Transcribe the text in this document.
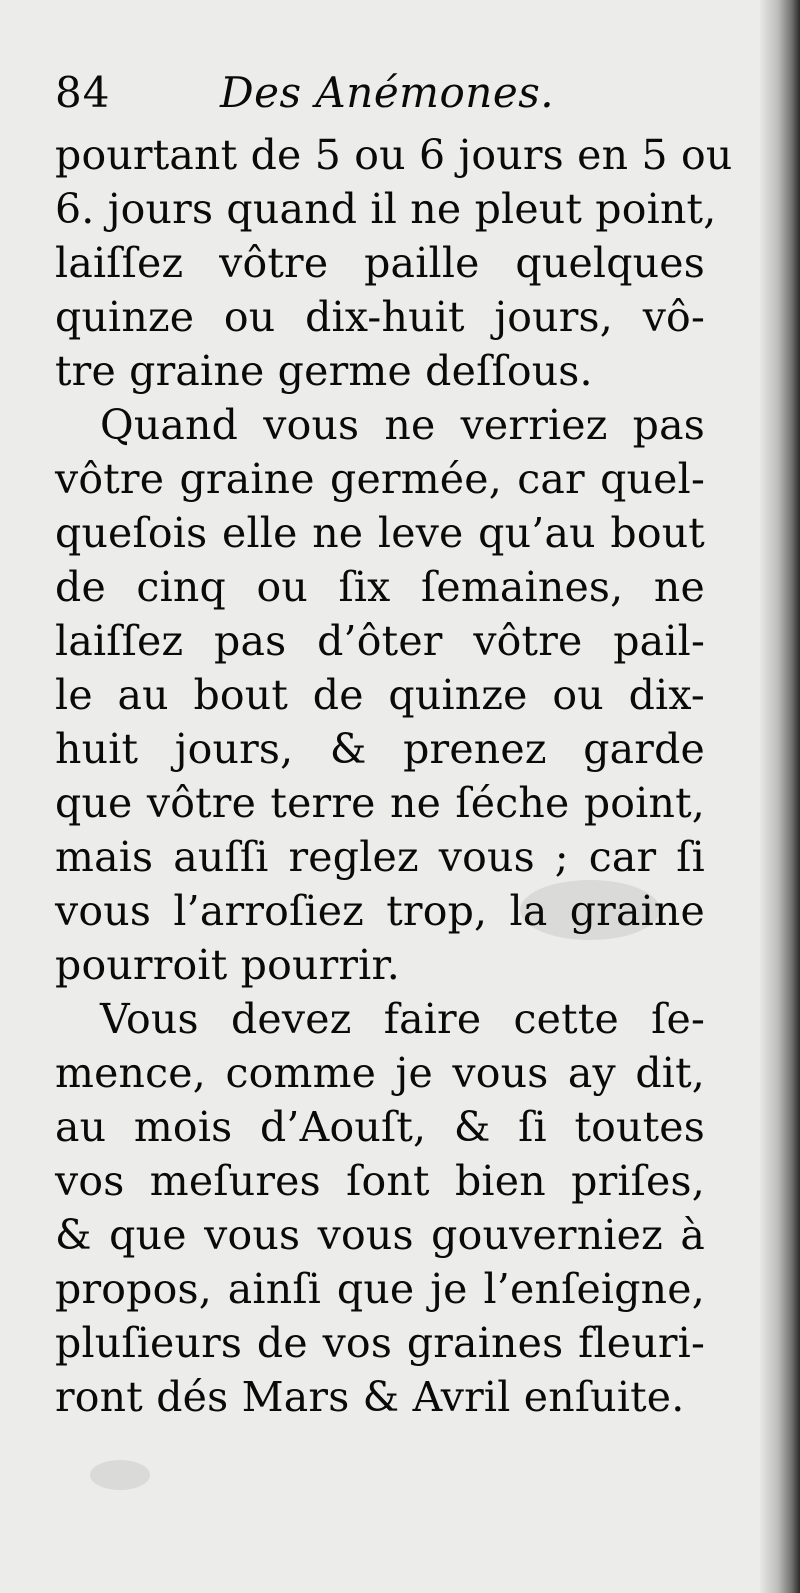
84	Des Anémones.
pourtant de 5 ou 6 jours en 5 ou
6. jours quand il ne pleut point,
laiſſez vôtre paille quelques
quinze ou dix-huit jours, vô-
tre graine germe deſſous.
Quand vous ne verriez pas
vôtre graine germée, car quel-
queſois elle ne leve qu’au bout
de cinq ou ſix ſemaines, ne
laiſſez pas d’ôter vôtre pail-
le au bout de quinze ou dix-
huit jours, & prenez garde
que vôtre terre ne ſéche point,
mais auſſi reglez vous ; car ſi
vous l’arroſiez trop, la graine
pourroit pourrir.
Vous devez faire cette ſe-
mence, comme je vous ay dit,
au mois d’Aouſt, & ſi toutes
vos meſures ſont bien priſes,
& que vous vous gouverniez à
propos, ainſi que je l’enſeigne,
pluſieurs de vos graines fleuri-
ront dés Mars & Avril enſuite.
